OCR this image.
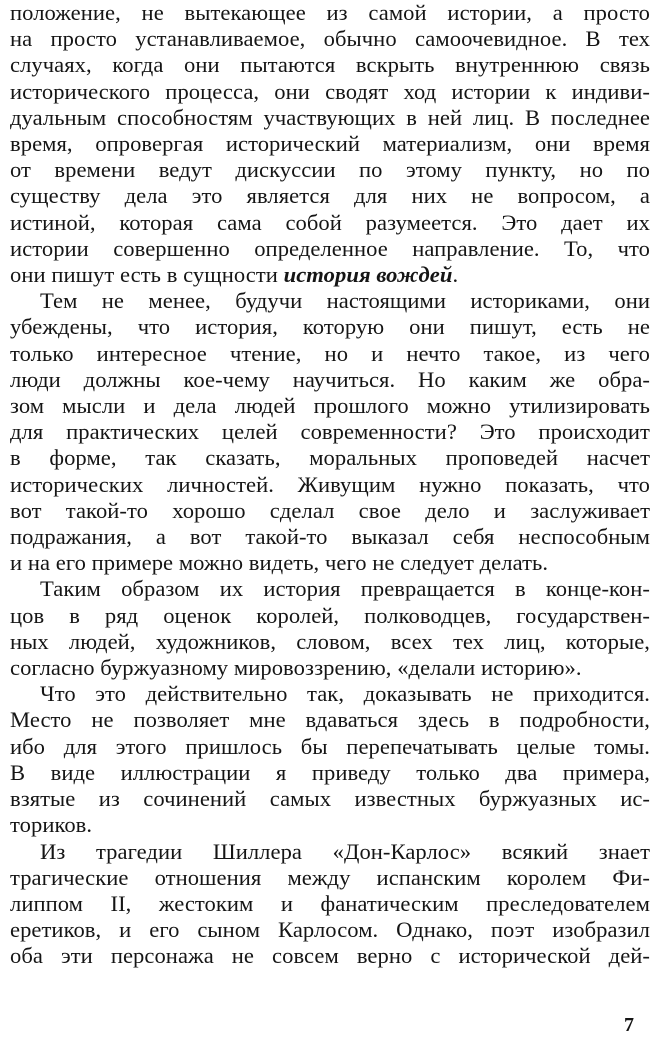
положение, не вытекающее из самой истории, а просто
на просто устанавливаемое, обычно самоочевидное. В тех
случаях, когда они пытаются вскрыть внутреннюю связь
исторического процесса, они сводят ход истории к индиви-
дуальным способностям участвующих в ней лиц. В последнее
время, опровергая исторический материализм, они время
от времени ведут дискуссии по этому пункту, но по
существу дела это является для них не вопросом, а
истиной, которая сама собой разумеется. Это дает их
истории совершенно определенное направление. То, что
они пишут есть в сущности история вождей.

Тем не менее, будучи настоящими историками, они
убеждены, что история, которую они пишут, есть не
только интересное чтение, но и нечто такое, из чего
люди должны кое-чему научиться. Но каким же обра-
зом мысли и дела людей прошлого можно утилизировать
для практических целей современности? Это происходит
в форме, так сказать, моральных проповедей насчет
исторических личностей. Живущим нужно показать, что
вот такой-то хорошо сделал свое дело и заслуживает
подражания, а вот такой-то выказал себя неспособным
и на его примере можно видеть, чего не следует делать.

Таким образом их история превращается в конце-кон-
цов в ряд оценок королей, полководцев, государствен-
ных людей, художников, словом, всех тех лиц, которые,
согласно буржуазному мировоззрению, «делали историю».

Что это действительно так, доказывать не приходится.
Место не позволяет мне вдаваться здесь в подробности,
ибо для этого пришлось бы перепечатывать целые томы.
В виде иллюстрации я приведу только два примера,
взятые из сочинений самых известных буржуазных ис-
ториков.

Из трагедии Шиллера «Дон-Карлос» всякий знает
трагические отношения между испанским королем Фи-
липпом II, жестоким и фанатическим преследователем
еретиков, и его сыном Карлосом. Однако, поэт изобразил
оба эти персонажа не совсем верно с исторической дей-

7
